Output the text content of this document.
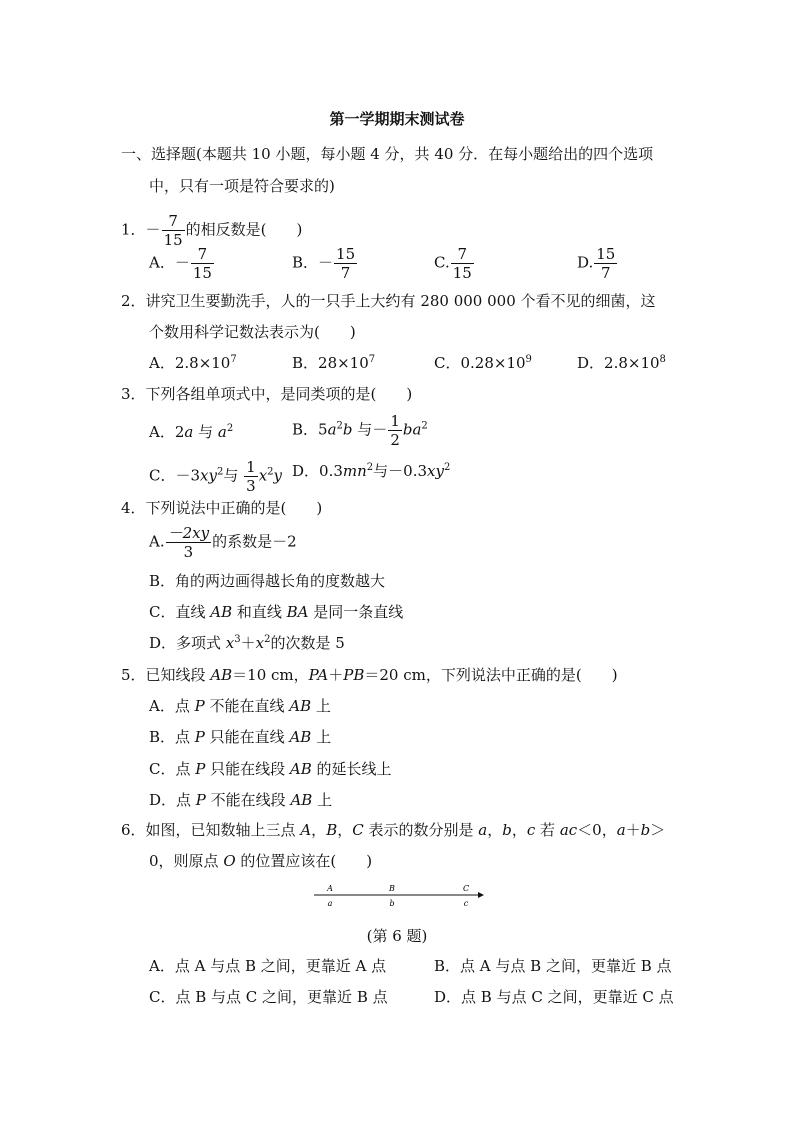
第一学期期末测试卷
一、选择题(本题共 10 小题，每小题 4 分，共 40 分．在每小题给出的四个选项
中，只有一项是符合要求的)
1．－ $\frac{7}{15}$ 的相反数是(　　)
A．－ $\frac{7}{15}$	B．－ $\frac{15}{7}$	C. $\frac{7}{15}$	D. $\frac{15}{7}$
2．讲究卫生要勤洗手，人的一只手上大约有 280 000 000 个看不见的细菌，这
个数用科学记数法表示为(　　)
A．$2.8\times 10^7$	B．$28\times 10^7$	C．$0.28\times 10^9$	D．$2.8\times 10^8$
3．下列各组单项式中，是同类项的是(　　)
A．2a 与 $a^2$	B．$5a^2b$ 与－ $\frac{1}{2} ba^2$
C．$-3xy^2$与 $\frac{1}{3} x^2y$ D．$0.3mn^2$与$-0.3xy^2$
4．下列说法中正确的是(　　)
A. $\frac{-2xy}{3}$ 的系数是－2
B．角的两边画得越长角的度数越大
C．直线 AB 和直线 BA 是同一条直线
D．多项式 $x^3+x^2$的次数是 5
5．已知线段 AB＝10 cm，PA＋PB＝20 cm，下列说法中正确的是(　　)
A．点 P 不能在直线 AB 上
B．点 P 只能在直线 AB 上
C．点 P 只能在线段 AB 的延长线上
D．点 P 不能在线段 AB 上
6．如图，已知数轴上三点 A，B，C 表示的数分别是 a，b，c 若 ac＜0，a＋b＞
0，则原点 O 的位置应该在(　　)
A
a
B
b
C
c
(第 6 题)
A．点 A 与点 B 之间，更靠近 A 点	B．点 A 与点 B 之间，更靠近 B 点
C．点 B 与点 C 之间，更靠近 B 点	D．点 B 与点 C 之间，更靠近 C 点
